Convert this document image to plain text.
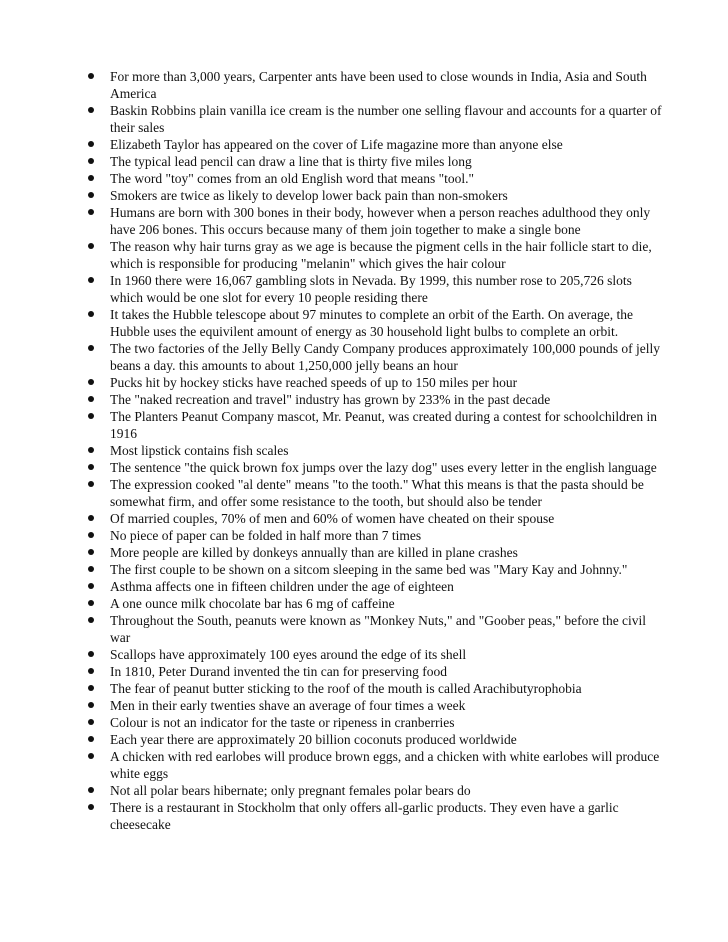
For more than 3,000 years, Carpenter ants have been used to close wounds in India, Asia and South America
Baskin Robbins plain vanilla ice cream is the number one selling flavour and accounts for a quarter of their sales
Elizabeth Taylor has appeared on the cover of Life magazine more than anyone else
The typical lead pencil can draw a line that is thirty five miles long
The word "toy" comes from an old English word that means "tool."
Smokers are twice as likely to develop lower back pain than non-smokers
Humans are born with 300 bones in their body, however when a person reaches adulthood they only have 206 bones. This occurs because many of them join together to make a single bone
The reason why hair turns gray as we age is because the pigment cells in the hair follicle start to die, which is responsible for producing "melanin" which gives the hair colour
In 1960 there were 16,067 gambling slots in Nevada. By 1999, this number rose to 205,726 slots which would be one slot for every 10 people residing there
It takes the Hubble telescope about 97 minutes to complete an orbit of the Earth. On average, the Hubble uses the equivilent amount of energy as 30 household light bulbs to complete an orbit.
The two factories of the Jelly Belly Candy Company produces approximately 100,000 pounds of jelly beans a day. this amounts to about 1,250,000 jelly beans an hour
Pucks hit by hockey sticks have reached speeds of up to 150 miles per hour
The "naked recreation and travel" industry has grown by 233% in the past decade
The Planters Peanut Company mascot, Mr. Peanut, was created during a contest for schoolchildren in 1916
Most lipstick contains fish scales
The sentence "the quick brown fox jumps over the lazy dog" uses every letter in the english language
The expression cooked "al dente" means "to the tooth." What this means is that the pasta should be somewhat firm, and offer some resistance to the tooth, but should also be tender
Of married couples, 70% of men and 60% of women have cheated on their spouse
No piece of paper can be folded in half more than 7 times
More people are killed by donkeys annually than are killed in plane crashes
The first couple to be shown on a sitcom sleeping in the same bed was "Mary Kay and Johnny."
Asthma affects one in fifteen children under the age of eighteen
A one ounce milk chocolate bar has 6 mg of caffeine
Throughout the South, peanuts were known as "Monkey Nuts," and "Goober peas," before the civil war
Scallops have approximately 100 eyes around the edge of its shell
In 1810, Peter Durand invented the tin can for preserving food
The fear of peanut butter sticking to the roof of the mouth is called Arachibutyrophobia
Men in their early twenties shave an average of four times a week
Colour is not an indicator for the taste or ripeness in cranberries
Each year there are approximately 20 billion coconuts produced worldwide
A chicken with red earlobes will produce brown eggs, and a chicken with white earlobes will produce white eggs
Not all polar bears hibernate; only pregnant females polar bears do
There is a restaurant in Stockholm that only offers all-garlic products. They even have a garlic cheesecake
